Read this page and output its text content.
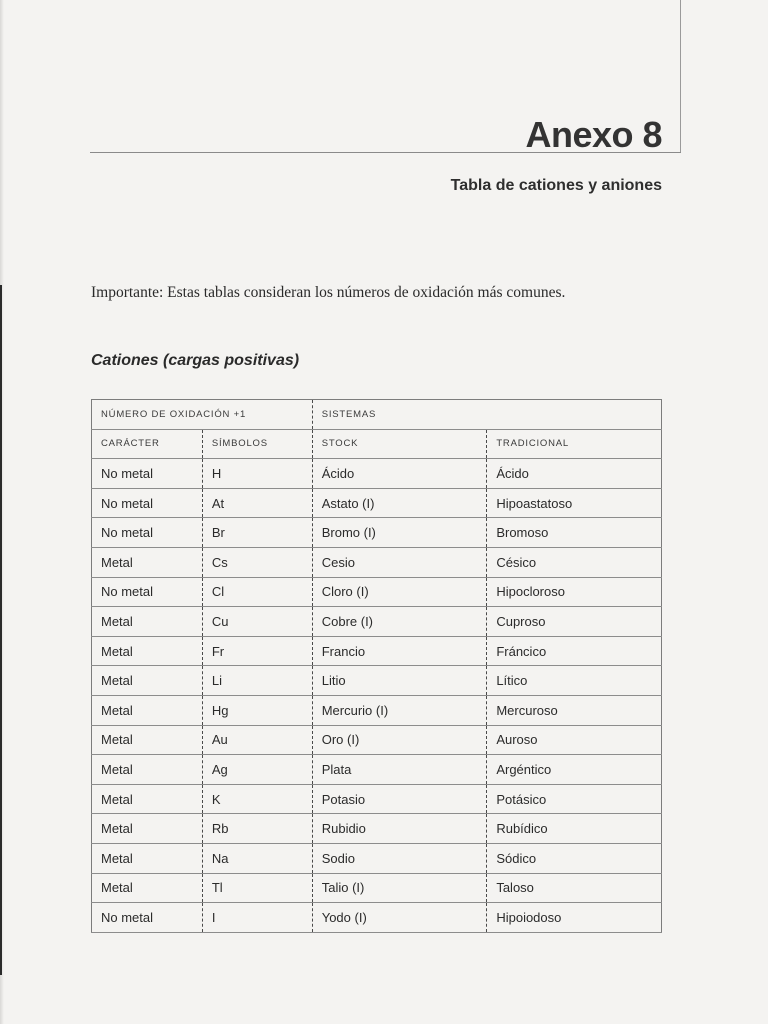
Anexo 8
Tabla de cationes y aniones
Importante: Estas tablas consideran los números de oxidación más comunes.
Cationes (cargas positivas)
NÚMERO DE OXIDACIÓN +1		SISTEMAS	
CARÁCTER	SÍMBOLOS	STOCK	TRADICIONAL
No metal	H	Ácido	Ácido
No metal	At	Astato (I)	Hipoastatoso
No metal	Br	Bromo (I)	Bromoso
Metal	Cs	Cesio	Césico
No metal	Cl	Cloro (I)	Hipocloroso
Metal	Cu	Cobre (I)	Cuproso
Metal	Fr	Francio	Fráncico
Metal	Li	Litio	Lítico
Metal	Hg	Mercurio (I)	Mercuroso
Metal	Au	Oro (I)	Auroso
Metal	Ag	Plata	Argéntico
Metal	K	Potasio	Potásico
Metal	Rb	Rubidio	Rubídico
Metal	Na	Sodio	Sódico
Metal	Tl	Talio (I)	Taloso
No metal	I	Yodo (I)	Hipoiodoso
